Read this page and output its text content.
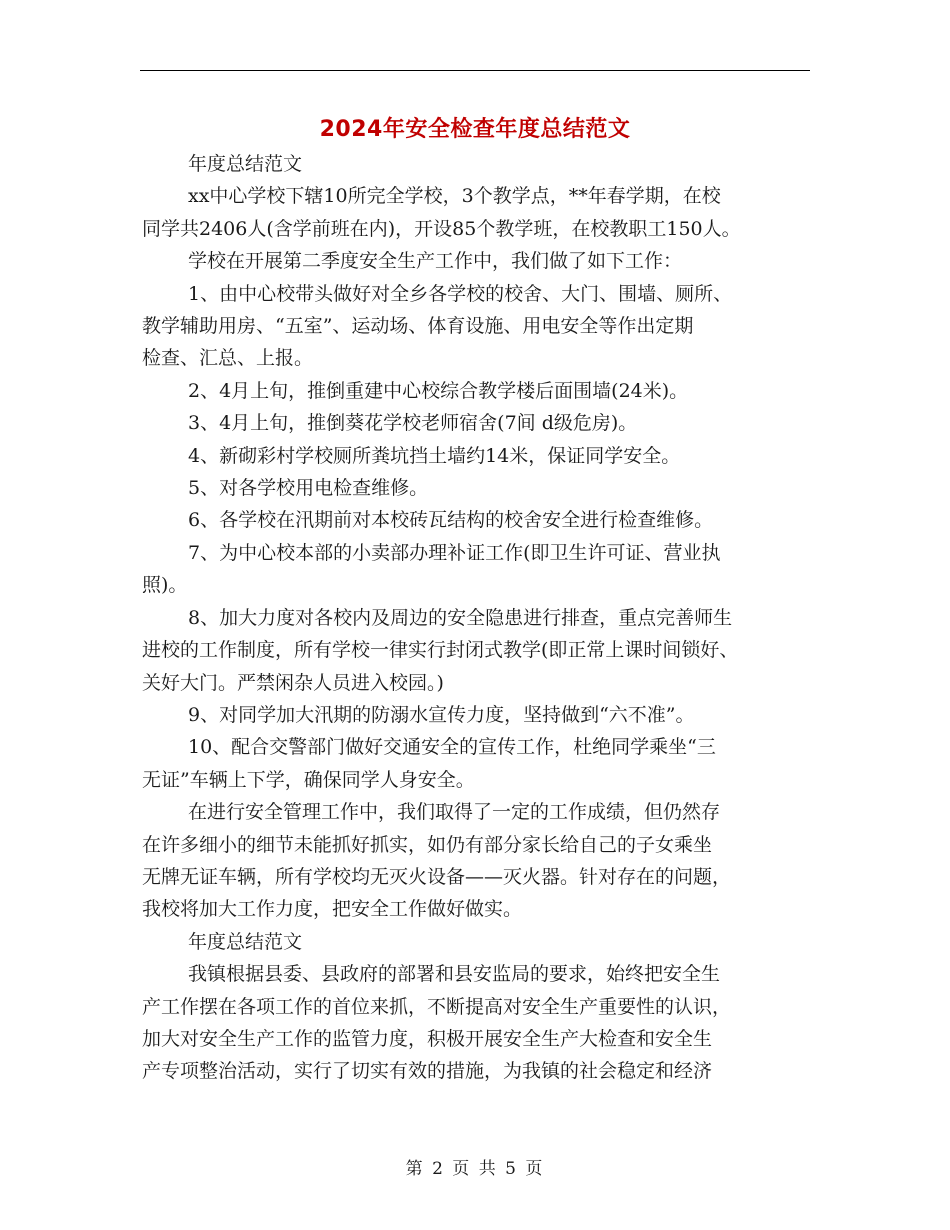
2024年安全检查年度总结范文
年度总结范文
xx中心学校下辖10所完全学校，3个教学点，**年春学期，在校
同学共2406人(含学前班在内)，开设85个教学班，在校教职工150人。
学校在开展第二季度安全生产工作中，我们做了如下工作：
1、由中心校带头做好对全乡各学校的校舍、大门、围墙、厕所、
教学辅助用房、“五室”、运动场、体育设施、用电安全等作出定期
检查、汇总、上报。
2、4月上旬，推倒重建中心校综合教学楼后面围墙(24米)。
3、4月上旬，推倒葵花学校老师宿舍(7间 d级危房)。
4、新砌彩村学校厕所粪坑挡土墙约14米，保证同学安全。
5、对各学校用电检查维修。
6、各学校在汛期前对本校砖瓦结构的校舍安全进行检查维修。
7、为中心校本部的小卖部办理补证工作(即卫生许可证、营业执
照)。
8、加大力度对各校内及周边的安全隐患进行排查，重点完善师生
进校的工作制度，所有学校一律实行封闭式教学(即正常上课时间锁好、
关好大门。严禁闲杂人员进入校园。)
9、对同学加大汛期的防溺水宣传力度，坚持做到“六不准”。
10、配合交警部门做好交通安全的宣传工作，杜绝同学乘坐“三
无证”车辆上下学，确保同学人身安全。
在进行安全管理工作中，我们取得了一定的工作成绩，但仍然存
在许多细小的细节未能抓好抓实，如仍有部分家长给自己的子女乘坐
无牌无证车辆，所有学校均无灭火设备——灭火器。针对存在的问题，
我校将加大工作力度，把安全工作做好做实。
年度总结范文
我镇根据县委、县政府的部署和县安监局的要求，始终把安全生
产工作摆在各项工作的首位来抓，不断提高对安全生产重要性的认识，
加大对安全生产工作的监管力度，积极开展安全生产大检查和安全生
产专项整治活动，实行了切实有效的措施，为我镇的社会稳定和经济
第 2 页 共 5 页
